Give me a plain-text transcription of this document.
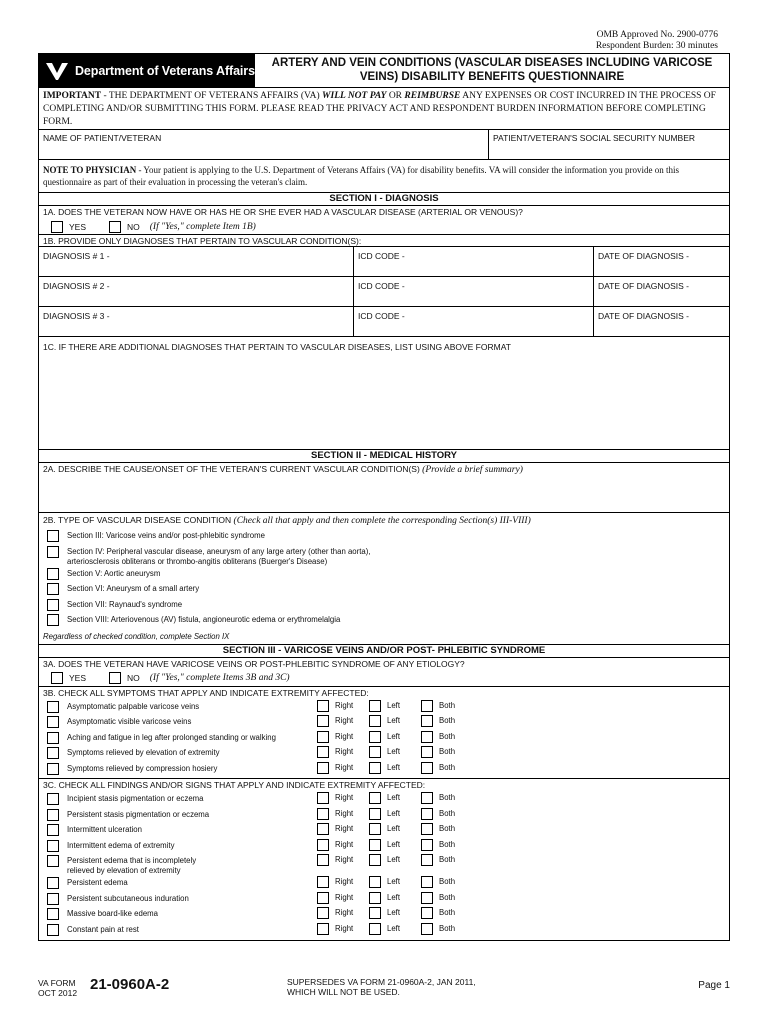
OMB Approved No. 2900-0776
Respondent Burden: 30 minutes
Department of Veterans Affairs
ARTERY AND VEIN CONDITIONS (VASCULAR DISEASES INCLUDING VARICOSE
VEINS) DISABILITY BENEFITS QUESTIONNAIRE
IMPORTANT - THE DEPARTMENT OF VETERANS AFFAIRS (VA) WILL NOT PAY OR REIMBURSE ANY EXPENSES OR COST INCURRED IN THE PROCESS OF COMPLETING AND/OR SUBMITTING THIS FORM. PLEASE READ THE PRIVACY ACT AND RESPONDENT BURDEN INFORMATION BEFORE COMPLETING FORM.
NAME OF PATIENT/VETERAN	PATIENT/VETERAN'S SOCIAL SECURITY NUMBER
NOTE TO PHYSICIAN - Your patient is applying to the U.S. Department of Veterans Affairs (VA) for disability benefits. VA will consider the information you provide on this questionnaire as part of their evaluation in processing the veteran's claim.
SECTION I - DIAGNOSIS
1A. DOES THE VETERAN NOW HAVE OR HAS HE OR SHE EVER HAD A VASCULAR DISEASE (ARTERIAL OR VENOUS)?
YES	NO (If "Yes," complete Item 1B)
1B. PROVIDE ONLY DIAGNOSES THAT PERTAIN TO VASCULAR CONDITION(S):
DIAGNOSIS # 1 -	ICD CODE -	DATE OF DIAGNOSIS -
DIAGNOSIS # 2 -	ICD CODE -	DATE OF DIAGNOSIS -
DIAGNOSIS # 3 -	ICD CODE -	DATE OF DIAGNOSIS -
1C. IF THERE ARE ADDITIONAL DIAGNOSES THAT PERTAIN TO VASCULAR DISEASES, LIST USING ABOVE FORMAT
SECTION II - MEDICAL HISTORY
2A. DESCRIBE THE CAUSE/ONSET OF THE VETERAN'S CURRENT VASCULAR CONDITION(S) (Provide a brief summary)
2B. TYPE OF VASCULAR DISEASE CONDITION (Check all that apply and then complete the corresponding Section(s) III-VIII)
Section III: Varicose veins and/or post-phlebitic syndrome
Section IV: Peripheral vascular disease, aneurysm of any large artery (other than aorta),
arteriosclerosis obliterans or thrombo-angitis obliterans (Buerger's Disease)
Section V: Aortic aneurysm
Section VI: Aneurysm of a small artery
Section VII: Raynaud's syndrome
Section VIII: Arteriovenous (AV) fistula, angioneurotic edema or erythromelalgia
Regardless of checked condition, complete Section IX
SECTION III - VARICOSE VEINS AND/OR POST- PHLEBITIC SYNDROME
3A. DOES THE VETERAN HAVE VARICOSE VEINS OR POST-PHLEBITIC SYNDROME OF ANY ETIOLOGY?
YES	NO (If "Yes," complete Items 3B and 3C)
3B. CHECK ALL SYMPTOMS THAT APPLY AND INDICATE EXTREMITY AFFECTED:
Asymptomatic palpable varicose veins	Right	Left	Both
Asymptomatic visible varicose veins	Right	Left	Both
Aching and fatigue in leg after prolonged standing or walking	Right	Left	Both
Symptoms relieved by elevation of extremity	Right	Left	Both
Symptoms relieved by compression hosiery	Right	Left	Both
3C. CHECK ALL FINDINGS AND/OR SIGNS THAT APPLY AND INDICATE EXTREMITY AFFECTED:
Incipient stasis pigmentation or eczema	Right	Left	Both
Persistent stasis pigmentation or eczema	Right	Left	Both
Intermittent ulceration	Right	Left	Both
Intermittent edema of extremity	Right	Left	Both
Persistent edema that is incompletely
relieved by elevation of extremity
Right	Left	Both
Persistent edema	Right	Left	Both
Persistent subcutaneous induration	Right	Left	Both
Massive board-like edema	Right	Left	Both
Constant pain at rest	Right	Left	Both
VA FORM
OCT 2012 21-0960A-2	SUPERSEDES VA FORM 21-0960A-2, JAN 2011,
WHICH WILL NOT BE USED.
Page 1
